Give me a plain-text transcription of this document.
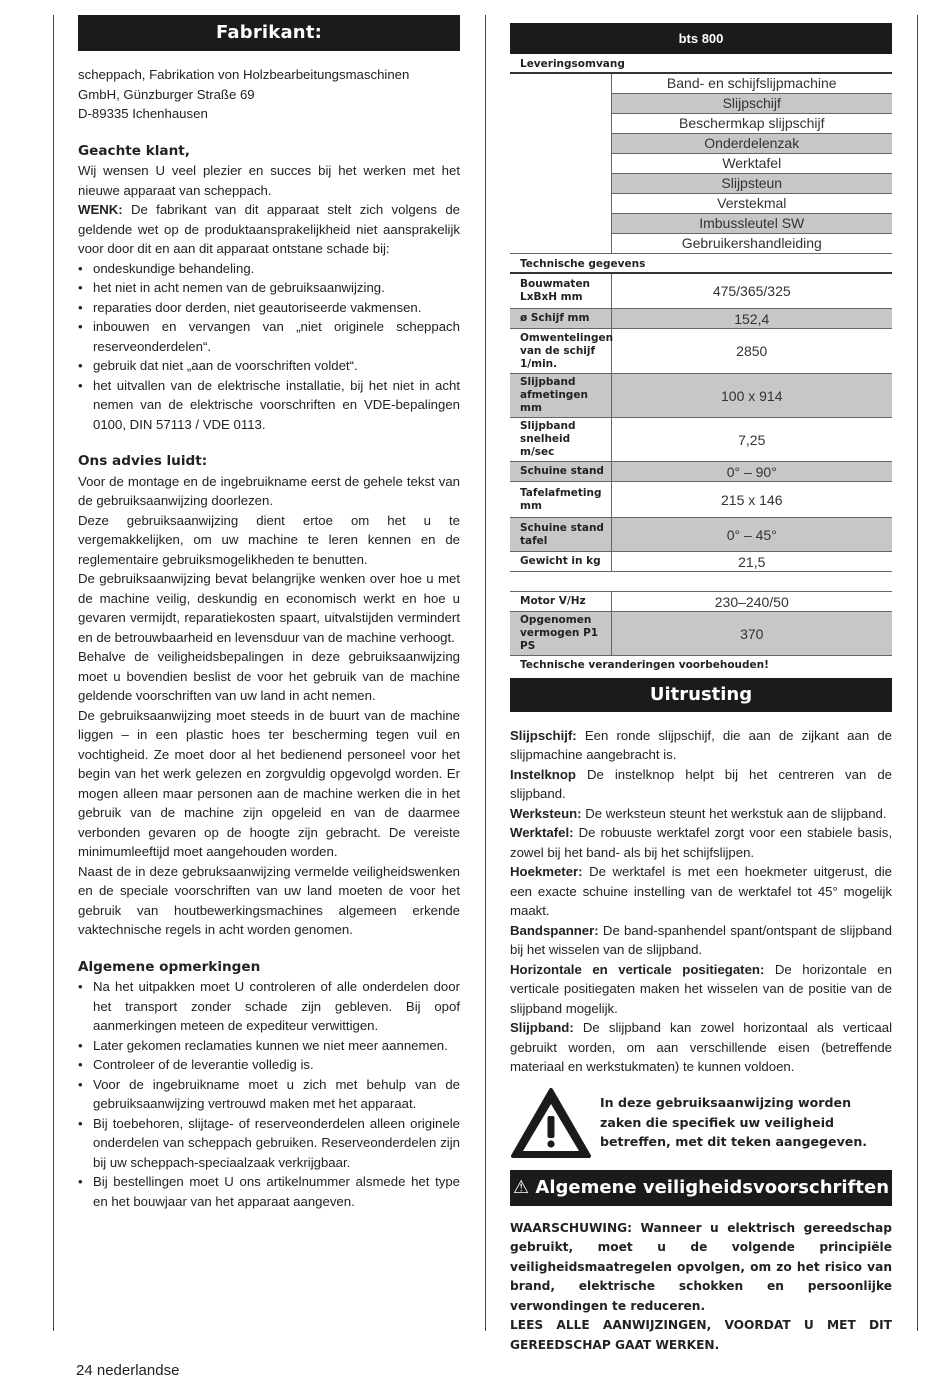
Fabrikant:
scheppach, Fabrikation von Holzbearbeitungsmaschinen
GmbH, Günzburger Straße 69
D-89335 Ichenhausen
Geachte klant,

Wij wensen U veel plezier en succes bij het werken met het nieuwe apparaat van scheppach.

WENK: De fabrikant van dit apparaat stelt zich volgens de geldende wet op de produktaansprakelijkheid niet aansprakelijk voor door dit en aan dit apparaat ontstane schade bij:

• ondeskundige behandeling.
• het niet in acht nemen van de gebruiksaanwijzing.
• reparaties door derden, niet geautoriseerde vakmensen.
• inbouwen en vervangen van „niet originele scheppach reserveonderdelen“.
• gebruik dat niet „aan de voorschriften voldet“.
• het uitvallen van de elektrische installatie, bij het niet in acht nemen van de elektrische voorschriften en VDE-bepalingen 0100, DIN 57113 / VDE 0113.
Ons advies luidt:

Voor de montage en de ingebruikname eerst de gehele tekst van de gebruiksaanwijzing doorlezen.

Deze gebruiksaanwijzing dient ertoe om het u te vergemakkelijken, om uw machine te leren kennen en de reglementaire gebruiksmogelikheden te benutten.

De gebruiksaanwijzing bevat belangrijke wenken over hoe u met de machine veilig, deskundig en economisch werkt en hoe u gevaren vermijdt, reparatiekosten spaart, uitvalstijden vermindert en de betrouwbaarheid en levensduur van de machine verhoogt.

Behalve de veiligheidsbepalingen in deze gebruiksaanwijzing moet u bovendien beslist de voor het gebruik van de machine geldende voorschriften van uw land in acht nemen.

De gebruiksaanwijzing moet steeds in de buurt van de machine liggen – in een plastic hoes ter bescherming tegen vuil en vochtigheid. Ze moet door al het bedienend personeel voor het begin van het werk gelezen en zorgvuldig opgevolgd worden. Er mogen alleen maar personen aan de machine werken die in het gebruik van de machine zijn opgeleid en van de daarmee verbonden gevaren op de hoogte zijn gebracht. De vereiste minimumleeftijd moet aangehouden worden.

Naast de in deze gebruksaanwijzing vermelde veiligheidswenken en de speciale voorschriften van uw land moeten de voor het gebruik van houtbewerkingsmachines algemeen erkende vaktechnische regels in acht worden genomen.

Algemene opmerkingen
• Na het uitpakken moet U controleren of alle onderdelen door het transport zonder schade zijn gebleven. Bij opof aanmerkingen meteen de expediteur verwittigen.
• Later gekomen reclamaties kunnen we niet meer aannemen.
• Controleer of de leverantie volledig is.
• Voor de ingebruikname moet u zich met behulp van de gebruiksaanwijzing vertrouwd maken met het apparaat.
• Bij toebehoren, slijtage- of reserveonderdelen alleen originele onderdelen van scheppach gebruiken. Reserveonderdelen zijn bij uw scheppach-speciaalzaak verkrijgbaar.
• Bij bestellingen moet U ons artikelnummer alsmede het type en het bouwjaar van het apparaat aangeven.
bts 800	
Leveringsomvang	
	Band- en schijfslijpmachine
	Slijpschijf
	Beschermkap slijpschijf
	Onderdelenzak
	Werktafel
	Slijpsteun
	Verstekmal
	Imbussleutel SW
	Gebruikershandleiding
Technische gegevens	
Bouwmaten LxBxH mm	475/365/325
ø Schijf mm	152,4
Omwentelingen van de schijf 1/min.	2850
Slijpband afmetingen mm	100 x 914
Slijpband snelheid m/sec	7,25
Schuine stand	0° – 90°
Tafelafmeting mm	215 x 146
Schuine stand tafel	0° – 45°
Gewicht in kg	21,5

Motor V/Hz	230–240/50
Opgenomen vermogen P1 PS	370
Technische veranderingen voorbehouden!	
Uitrusting

Slijpschijf: Een ronde slijpschijf, die aan de zijkant aan de slijpmachine aangebracht is.

Instelknop De instelknop helpt bij het centreren van de slijpband.

Werksteun: De werksteun steunt het werkstuk aan de slijpband.

Werktafel: De robuuste werktafel zorgt voor een stabiele basis, zowel bij het band- als bij het schijfslijpen.

Hoekmeter: De werktafel is met een hoekmeter uitgerust, die een exacte schuine instelling van de werktafel tot 45° mogelijk maakt.

Bandspanner: De band-spanhendel spant/ontspant de slijpband bij het wisselen van de slijpband.

Horizontale en verticale positiegaten: De horizontale en verticale positiegaten maken het wisselen van de positie van de slijpband mogelijk.

Slijpband: De slijpband kan zowel horizontaal als verticaal gebruikt worden, om aan verschillende eisen (betreffende materiaal en werkstukmaten) te kunnen voldoen.

In deze gebruiksaanwijzing worden zaken die specifiek uw veiligheid betreffen, met dit teken aangegeven.
⚠ Algemene veiligheidsvoorschriften

WAARSCHUWING: Wanneer u elektrisch gereedschap gebruikt, moet u de volgende principiële veiligheidsmaatregelen opvolgen, om zo het risico van brand, elektrische schokken en persoonlijke verwondingen te reduceren.

LEES ALLE AANWIJZINGEN, VOORDAT U MET DIT GEREEDSCHAP GAAT WERKEN.

24 nederlandse
